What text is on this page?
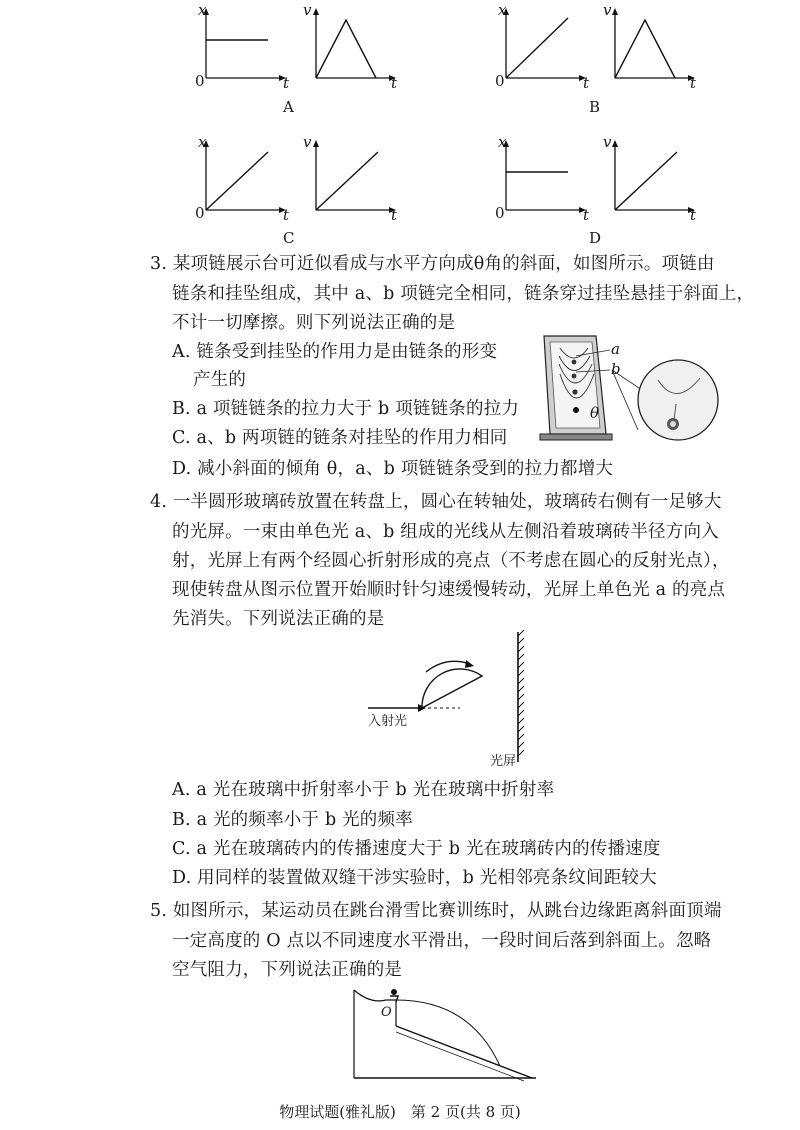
x
0
v
t
t
A
x
0	t
v
t
B
x
0	t
v
t
C
x
0	t
v
t
D
3. 某项链展示台可近似看成与水平方向成θ角的斜面，如图所示。项链由
链条和挂坠组成，其中 a、b 项链完全相同，链条穿过挂坠悬挂于斜面上，
不计一切摩擦。则下列说法正确的是
A. 链条受到挂坠的作用力是由链条的形变
产生的
B. a 项链链条的拉力大于 b 项链链条的拉力
C. a、b 两项链的链条对挂坠的作用力相同
D. 减小斜面的倾角 θ，a、b 项链链条受到的拉力都增大
a
b
θ
4. 一半圆形玻璃砖放置在转盘上，圆心在转轴处，玻璃砖右侧有一足够大
的光屏。一束由单色光 a、b 组成的光线从左侧沿着玻璃砖半径方向入
射，光屏上有两个经圆心折射形成的亮点（不考虑在圆心的反射光点），
现使转盘从图示位置开始顺时针匀速缓慢转动，光屏上单色光 a 的亮点
先消失。下列说法正确的是
入射光
光屏
A. a 光在玻璃中折射率小于 b 光在玻璃中折射率
B. a 光的频率小于 b 光的频率
C. a 光在玻璃砖内的传播速度大于 b 光在玻璃砖内的传播速度
D. 用同样的装置做双缝干涉实验时，b 光相邻亮条纹间距较大
5. 如图所示，某运动员在跳台滑雪比赛训练时，从跳台边缘距离斜面顶端
一定高度的 O 点以不同速度水平滑出，一段时间后落到斜面上。忽略
空气阻力，下列说法正确的是
O
物理试题(雅礼版)　第 2 页(共 8 页)
